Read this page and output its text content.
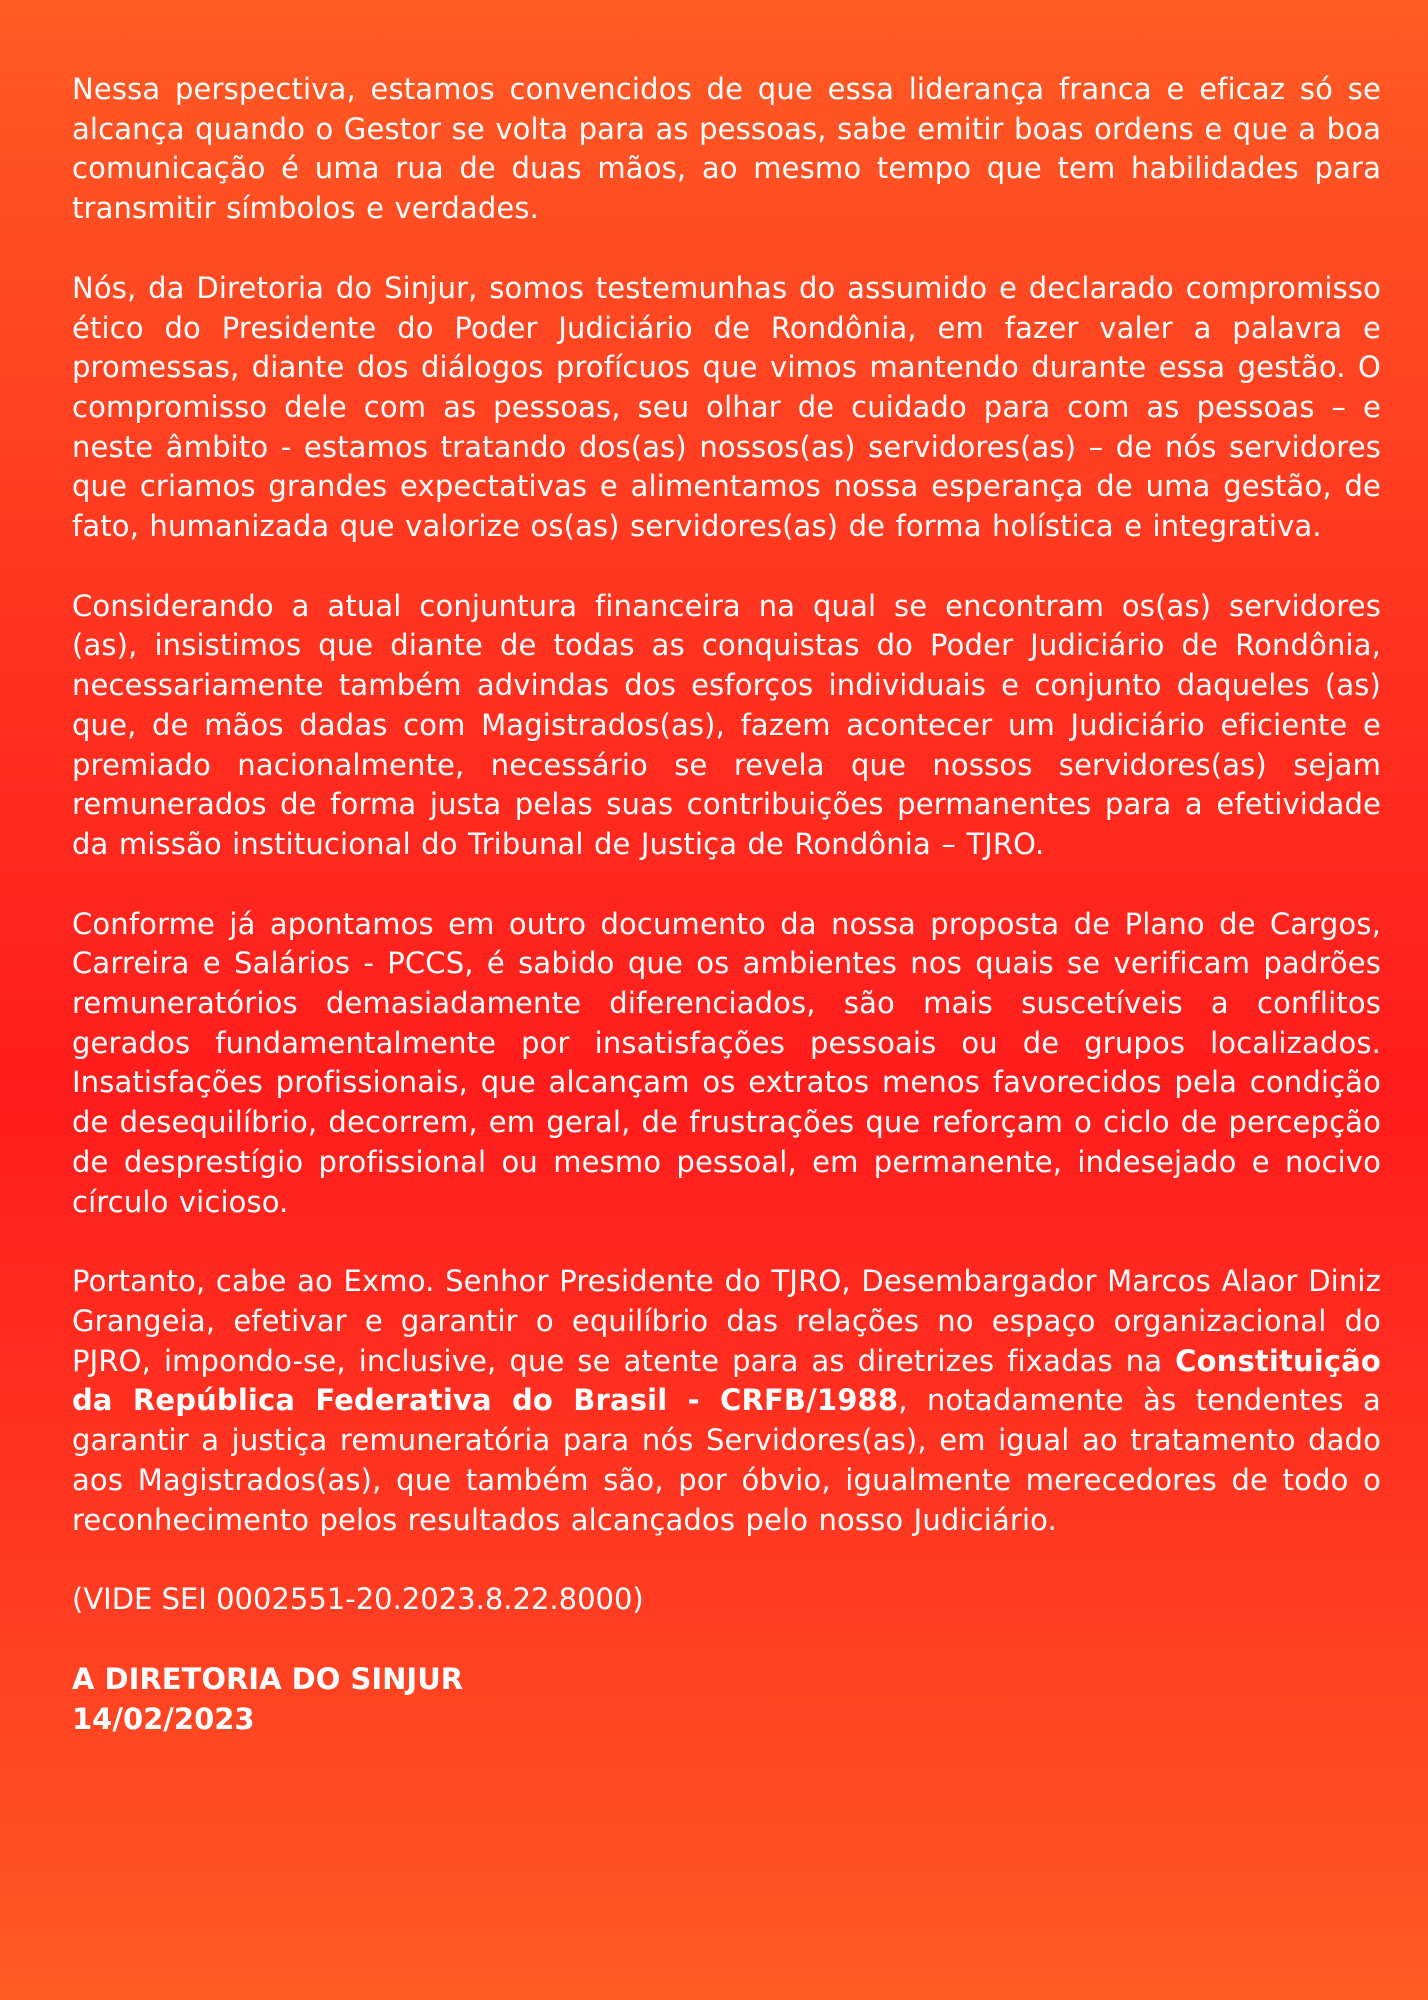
Nessa perspectiva, estamos convencidos de que essa liderança franca e eficaz só se alcança quando o Gestor se volta para as pessoas, sabe emitir boas ordens e que a boa comunicação é uma rua de duas mãos, ao mesmo tempo que tem habilidades para transmitir símbolos e verdades.

Nós, da Diretoria do Sinjur, somos testemunhas do assumido e declarado compromisso ético do Presidente do Poder Judiciário de Rondônia, em fazer valer a palavra e promessas, diante dos diálogos profícuos que vimos mantendo durante essa gestão. O compromisso dele com as pessoas, seu olhar de cuidado para com as pessoas – e neste âmbito - estamos tratando dos(as) nossos(as) servidores(as) – de nós servidores que criamos grandes expectativas e alimentamos nossa esperança de uma gestão, de fato, humanizada que valorize os(as) servidores(as) de forma holística e integrativa.

Considerando a atual conjuntura financeira na qual se encontram os(as) servidores (as), insistimos que diante de todas as conquistas do Poder Judiciário de Rondônia, necessariamente também advindas dos esforços individuais e conjunto daqueles (as) que, de mãos dadas com Magistrados(as), fazem acontecer um Judiciário eficiente e premiado nacionalmente, necessário se revela que nossos servidores(as) sejam remunerados de forma justa pelas suas contribuições permanentes para a efetividade da missão institucional do Tribunal de Justiça de Rondônia – TJRO.

Conforme já apontamos em outro documento da nossa proposta de Plano de Cargos, Carreira e Salários - PCCS, é sabido que os ambientes nos quais se verificam padrões remuneratórios demasiadamente diferenciados, são mais suscetíveis a conflitos gerados fundamentalmente por insatisfações pessoais ou de grupos localizados. Insatisfações profissionais, que alcançam os extratos menos favorecidos pela condição de desequilíbrio, decorrem, em geral, de frustrações que reforçam o ciclo de percepção de desprestígio profissional ou mesmo pessoal, em permanente, indesejado e nocivo círculo vicioso.

Portanto, cabe ao Exmo. Senhor Presidente do TJRO, Desembargador Marcos Alaor Diniz Grangeia, efetivar e garantir o equilíbrio das relações no espaço organizacional do PJRO, impondo-se, inclusive, que se atente para as diretrizes fixadas na Constituição da República Federativa do Brasil - CRFB/1988, notadamente às tendentes a garantir a justiça remuneratória para nós Servidores(as), em igual ao tratamento dado aos Magistrados(as), que também são, por óbvio, igualmente merecedores de todo o reconhecimento pelos resultados alcançados pelo nosso Judiciário.

(VIDE SEI 0002551-20.2023.8.22.8000)

A DIRETORIA DO SINJUR

14/02/2023
